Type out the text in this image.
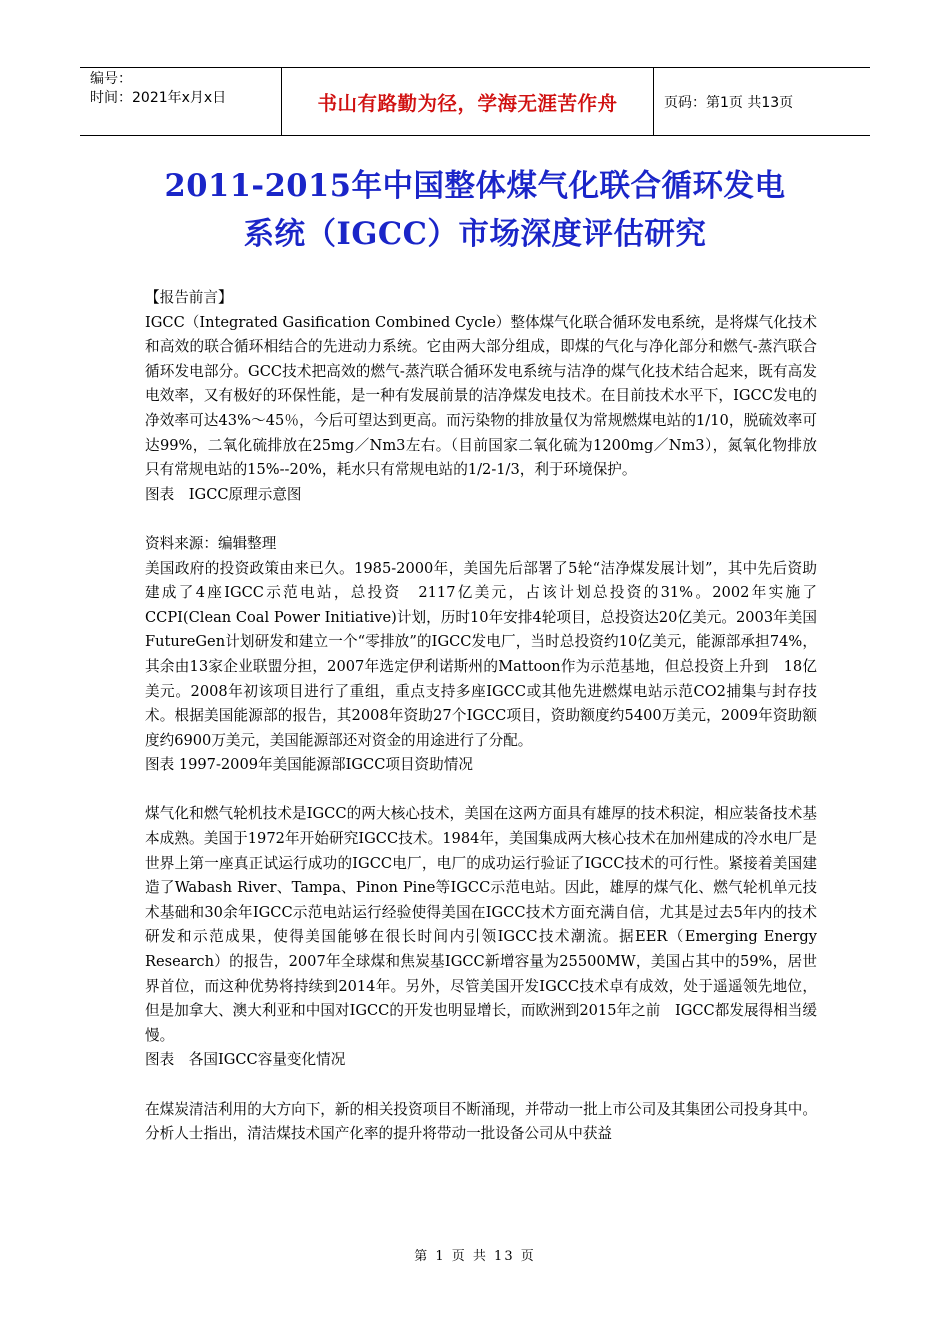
编号：
时间：2021年x月x日	书山有路勤为径，学海无涯苦作舟	页码：第1页 共13页
2011-2015年中国整体煤气化联合循环发电
系统（IGCC）市场深度评估研究

【报告前言】

IGCC（Integrated Gasification Combined Cycle）整体煤气化联合循环发电系统，是将煤气化技术和高效的联合循环相结合的先进动力系统。它由两大部分组成，即煤的气化与净化部分和燃气-蒸汽联合循环发电部分。GCC技术把高效的燃气-蒸汽联合循环发电系统与洁净的煤气化技术结合起来，既有高发电效率，又有极好的环保性能，是一种有发展前景的洁净煤发电技术。在目前技术水平下，IGCC发电的净效率可达43%～45％，今后可望达到更高。而污染物的排放量仅为常规燃煤电站的1/10，脱硫效率可达99%，二氧化硫排放在25mg／Nm3左右。（目前国家二氧化硫为1200mg／Nm3），氮氧化物排放只有常规电站的15%--20%，耗水只有常规电站的1/2-1/3，利于环境保护。

图表　IGCC原理示意图

资料来源：编辑整理

美国政府的投资政策由来已久。1985-2000年，美国先后部署了5轮“洁净煤发展计划”，其中先后资助建成了4座IGCC示范电站，总投资　2117亿美元，占该计划总投资的31%。2002年实施了CCPI(Clean Coal Power Initiative)计划，历时10年安排4轮项目，总投资达20亿美元。2003年美国FutureGen计划研发和建立一个“零排放”的IGCC发电厂，当时总投资约10亿美元，能源部承担74%，其余由13家企业联盟分担，2007年选定伊利诺斯州的Mattoon作为示范基地，但总投资上升到　18亿美元。2008年初该项目进行了重组，重点支持多座IGCC或其他先进燃煤电站示范CO2捕集与封存技术。根据美国能源部的报告，其2008年资助27个IGCC项目，资助额度约5400万美元，2009年资助额度约6900万美元，美国能源部还对资金的用途进行了分配。

图表 1997-2009年美国能源部IGCC项目资助情况

煤气化和燃气轮机技术是IGCC的两大核心技术，美国在这两方面具有雄厚的技术积淀，相应装备技术基本成熟。美国于1972年开始研究IGCC技术。1984年，美国集成两大核心技术在加州建成的冷水电厂是世界上第一座真正试运行成功的IGCC电厂，电厂的成功运行验证了IGCC技术的可行性。紧接着美国建造了Wabash River、Tampa、Pinon Pine等IGCC示范电站。因此，雄厚的煤气化、燃气轮机单元技术基础和30余年IGCC示范电站运行经验使得美国在IGCC技术方面充满自信，尤其是过去5年内的技术研发和示范成果，使得美国能够在很长时间内引领IGCC技术潮流。据EER（Emerging Energy Research）的报告，2007年全球煤和焦炭基IGCC新增容量为25500MW，美国占其中的59%，居世界首位，而这种优势将持续到2014年。另外，尽管美国开发IGCC技术卓有成效，处于遥遥领先地位，但是加拿大、澳大利亚和中国对IGCC的开发也明显增长，而欧洲到2015年之前　IGCC都发展得相当缓慢。

图表　各国IGCC容量变化情况

在煤炭清洁利用的大方向下，新的相关投资项目不断涌现，并带动一批上市公司及其集团公司投身其中。分析人士指出，清洁煤技术国产化率的提升将带动一批设备公司从中获益

第 1 页 共 13 页
